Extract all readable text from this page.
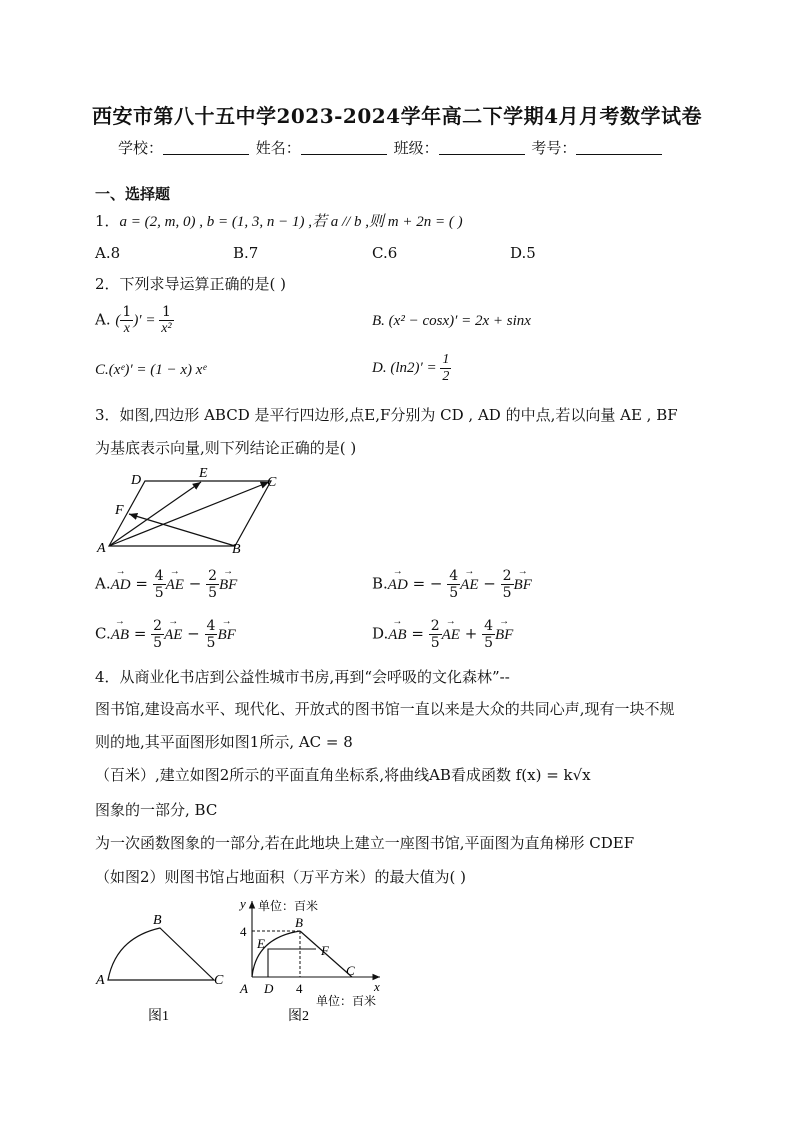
西安市第八十五中学2023-2024学年高二下学期4月月考数学试卷
学校：	姓名：	班级：	考号：
一、选择题
1．a = (2, m, 0) , b = (1, 3, n − 1) ,若 a // b ,则 m + 2n = ( )
A.8	B.7	C.6	D.5
2．下列求导运算正确的是( )
A. ( $\frac{1}{x}$ )′ = $\frac{1}{\text{x²}}$	B. (x² − cosx)′ = 2x + sinx
C.(xᵉ)′ = (1 − x) xᵉ	D. $(\ln 2)' = \frac{1}{2}$
3．如图,四边形 ABCD 是平行四边形,点E,F分别为 CD , AD 的中点,若以向量 AE , BF
为基底表示向量,则下列结论正确的是( )
A	B
C
D	E
F
A.→ AD = $\frac{4}{5}$ → AE − $\frac{2}{5}$ → BF	B.→ AD = − $\frac{4}{5}$ → AE − $\frac{2}{5}$ → BF
C.→ AB = $\frac{2}{5}$ → AE − $\frac{4}{5}$ → BF	D.→ AB = $\frac{2}{5}$ → AE + $\frac{4}{5}$ → BF
4．从商业化书店到公益性城市书房,再到“会呼吸的文化森林”--
图书馆,建设高水平、现代化、开放式的图书馆一直以来是大众的共同心声,现有一块不规
则的地,其平面图形如图1所示, AC = 8
（百米）,建立如图2所示的平面直角坐标系,将曲线AB看成函数 f(x) = k√x
图象的一部分, BC
为一次函数图象的一部分,若在此地块上建立一座图书馆,平面图为直角梯形 CDEF
（如图2）则图书馆占地面积（万平方米）的最大值为( )
A
B
C
图1
y 单位：百米
4
E
B
F
C
A D 4	x
单位：百米
图2
